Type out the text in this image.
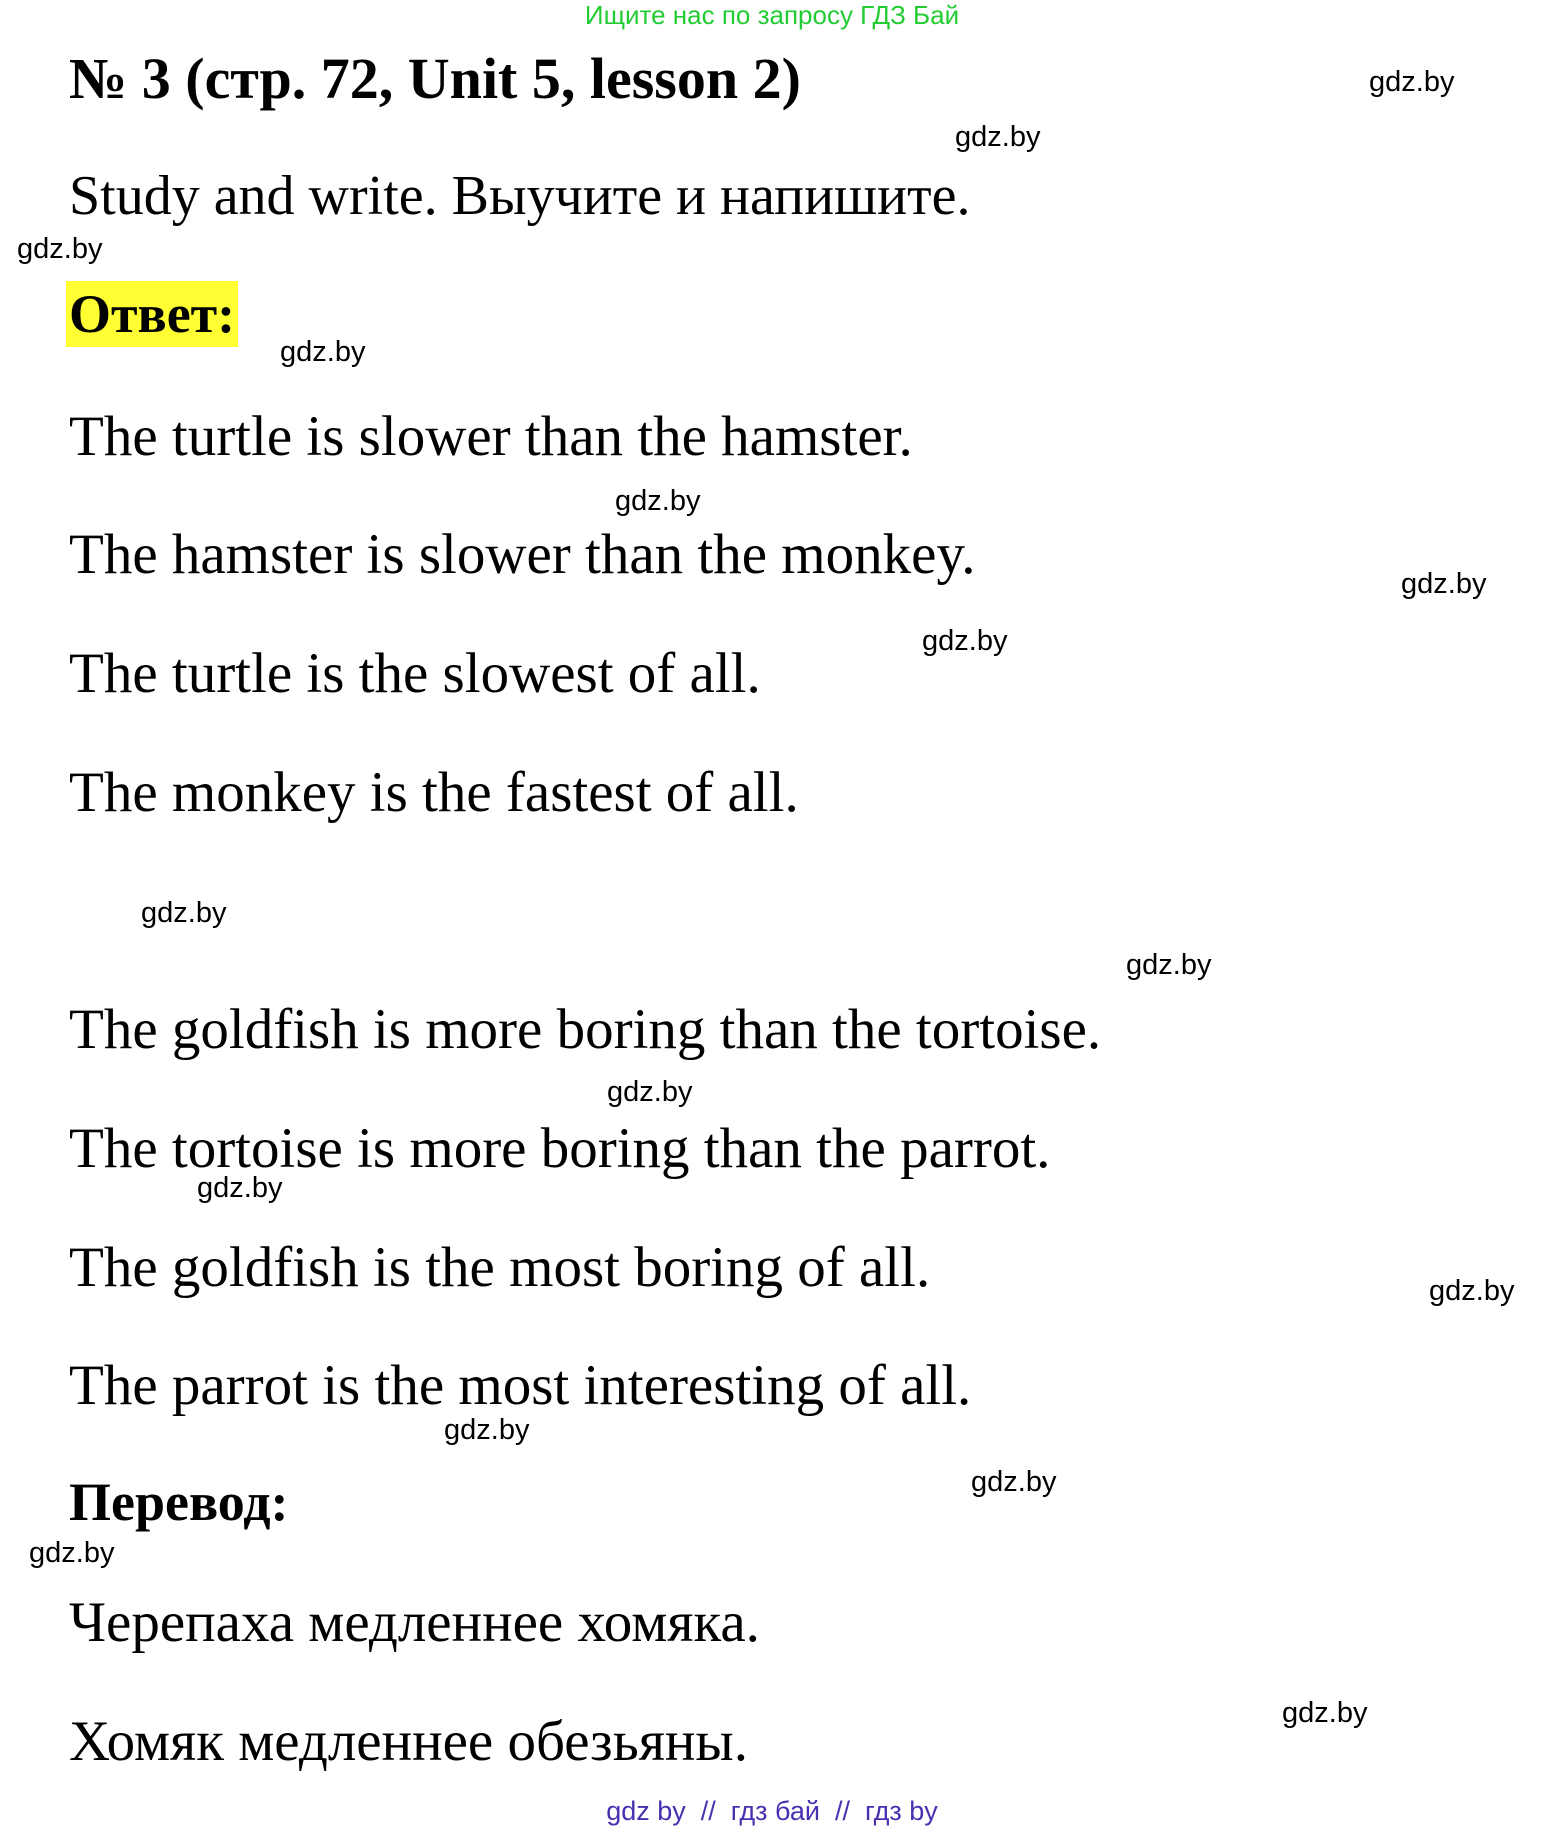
Ищите нас по запросу ГДЗ Бай
№ 3 (стр. 72, Unit 5, lesson 2)

Study and write. Выучите и напишите.

Ответ:

The turtle is slower than the hamster.

The hamster is slower than the monkey.

The turtle is the slowest of all.

The monkey is the fastest of all.

The goldfish is more boring than the tortoise.

The tortoise is more boring than the parrot.

The goldfish is the most boring of all.

The parrot is the most interesting of all.

Перевод:

Черепаха медленнее хомяка.

Хомяк медленнее обезьяны.

gdz.by
gdz.by
gdz.by
gdz.by
gdz.by
gdz.by
gdz.by
gdz.by
gdz.by
gdz.by
gdz.by
gdz.by
gdz.by
gdz.by
gdz.by
gdz.by
gdz by  //  гдз бай  //  гдз by
